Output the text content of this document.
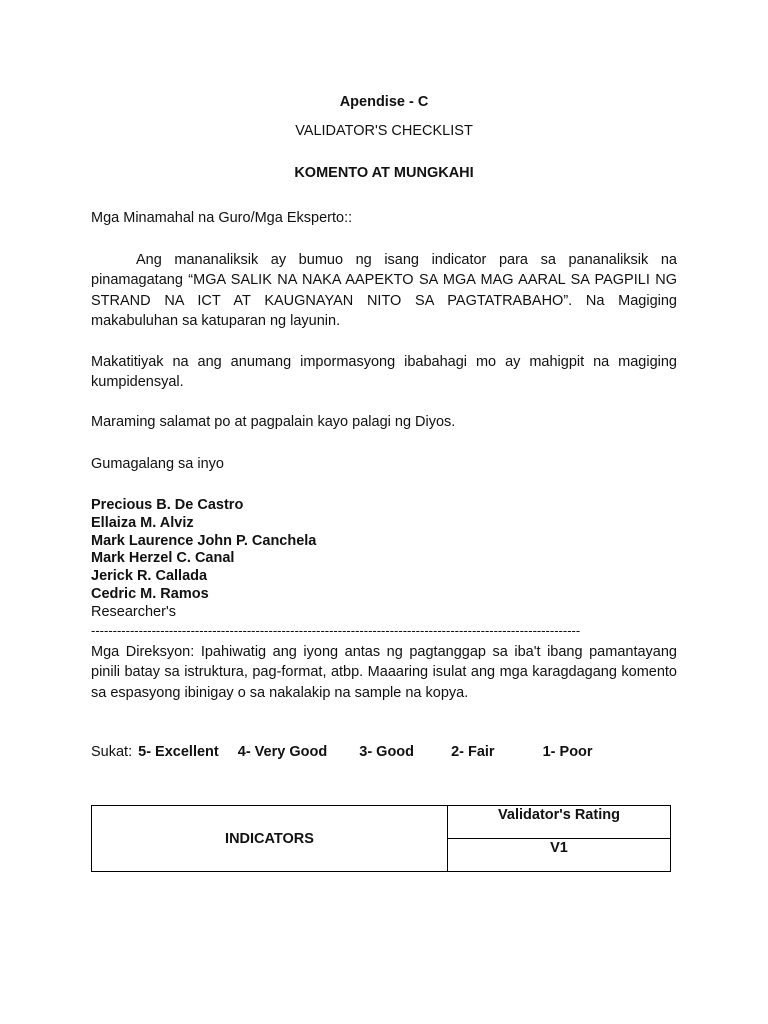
Apendise - C
VALIDATOR'S CHECKLIST
KOMENTO AT MUNGKAHI
Mga Minamahal na Guro/Mga Eksperto::
Ang mananaliksik ay bumuo ng isang indicator para sa pananaliksik na pinamagatang “MGA SALIK NA NAKA AAPEKTO SA MGA MAG AARAL SA PAGPILI NG STRAND NA ICT AT KAUGNAYAN NITO SA PAGTATRABAHO”. Na Magiging makabuluhan sa katuparan ng layunin.
Makatitiyak na ang anumang impormasyong ibabahagi mo ay mahigpit na magiging kumpidensyal.
Maraming salamat po at pagpalain kayo palagi ng Diyos.
Gumagalang sa inyo
Precious B. De Castro
Ellaiza M. Alviz
Mark Laurence John P. Canchela
Mark Herzel C. Canal
Jerick R. Callada
Cedric M. Ramos
Researcher's
-----------------------------------------------------------------------------------------------------------------
Mga Direksyon: Ipahiwatig ang iyong antas ng pagtanggap sa iba't ibang pamantayang pinili batay sa istruktura, pag-format, atbp. Maaaring isulat ang mga karagdagang komento sa espasyong ibinigay o sa nakalakip na sample na kopya.
Sukat: 5- Excellent 4- Very Good 3- Good	2- Fair	1- Poor
INDICATORS	Validator's Rating
V1
